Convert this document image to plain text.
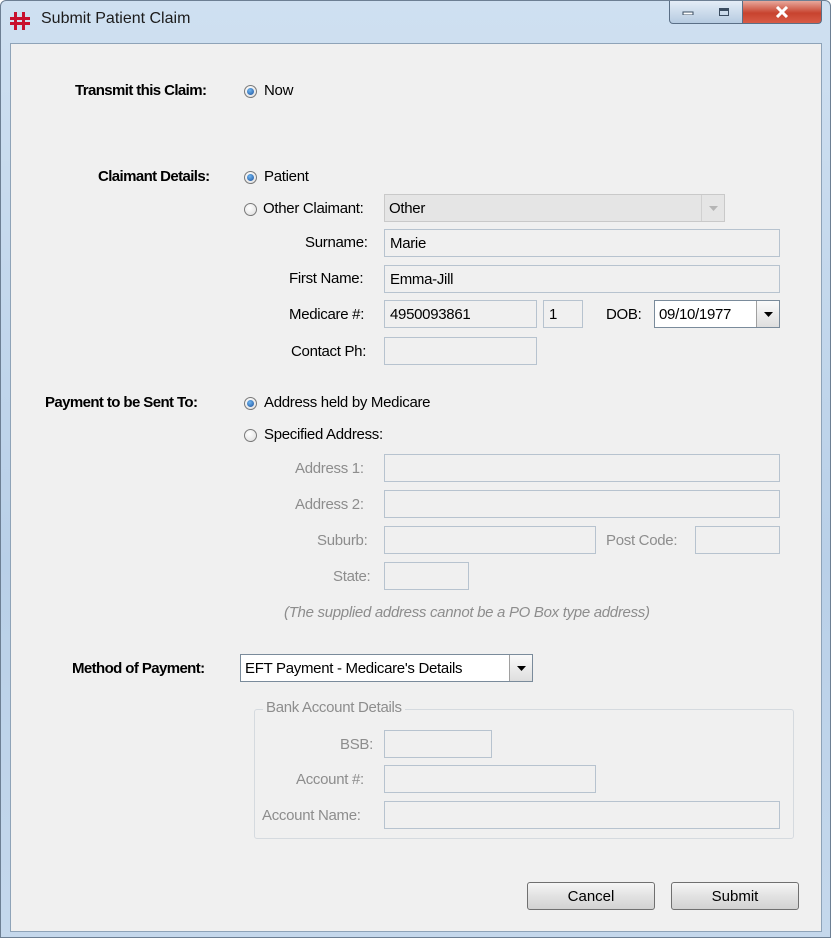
Submit Patient Claim
Transmit this Claim:	Now
Claimant Details:	Patient
Other Claimant:	Other
Surname:	Marie
First Name:	Emma-Jill
Medicare #:	4950093861	1	DOB:	09/10/1977
Contact Ph:
Payment to be Sent To:	Address held by Medicare
Specified Address:
Address 1:
Address 2:
Suburb:	Post Code:
State:
(The supplied address cannot be a PO Box type address)
Method of Payment:	EFT Payment - Medicare's Details
Bank Account Details
BSB:
Account #:
Account Name:
Cancel	Submit
